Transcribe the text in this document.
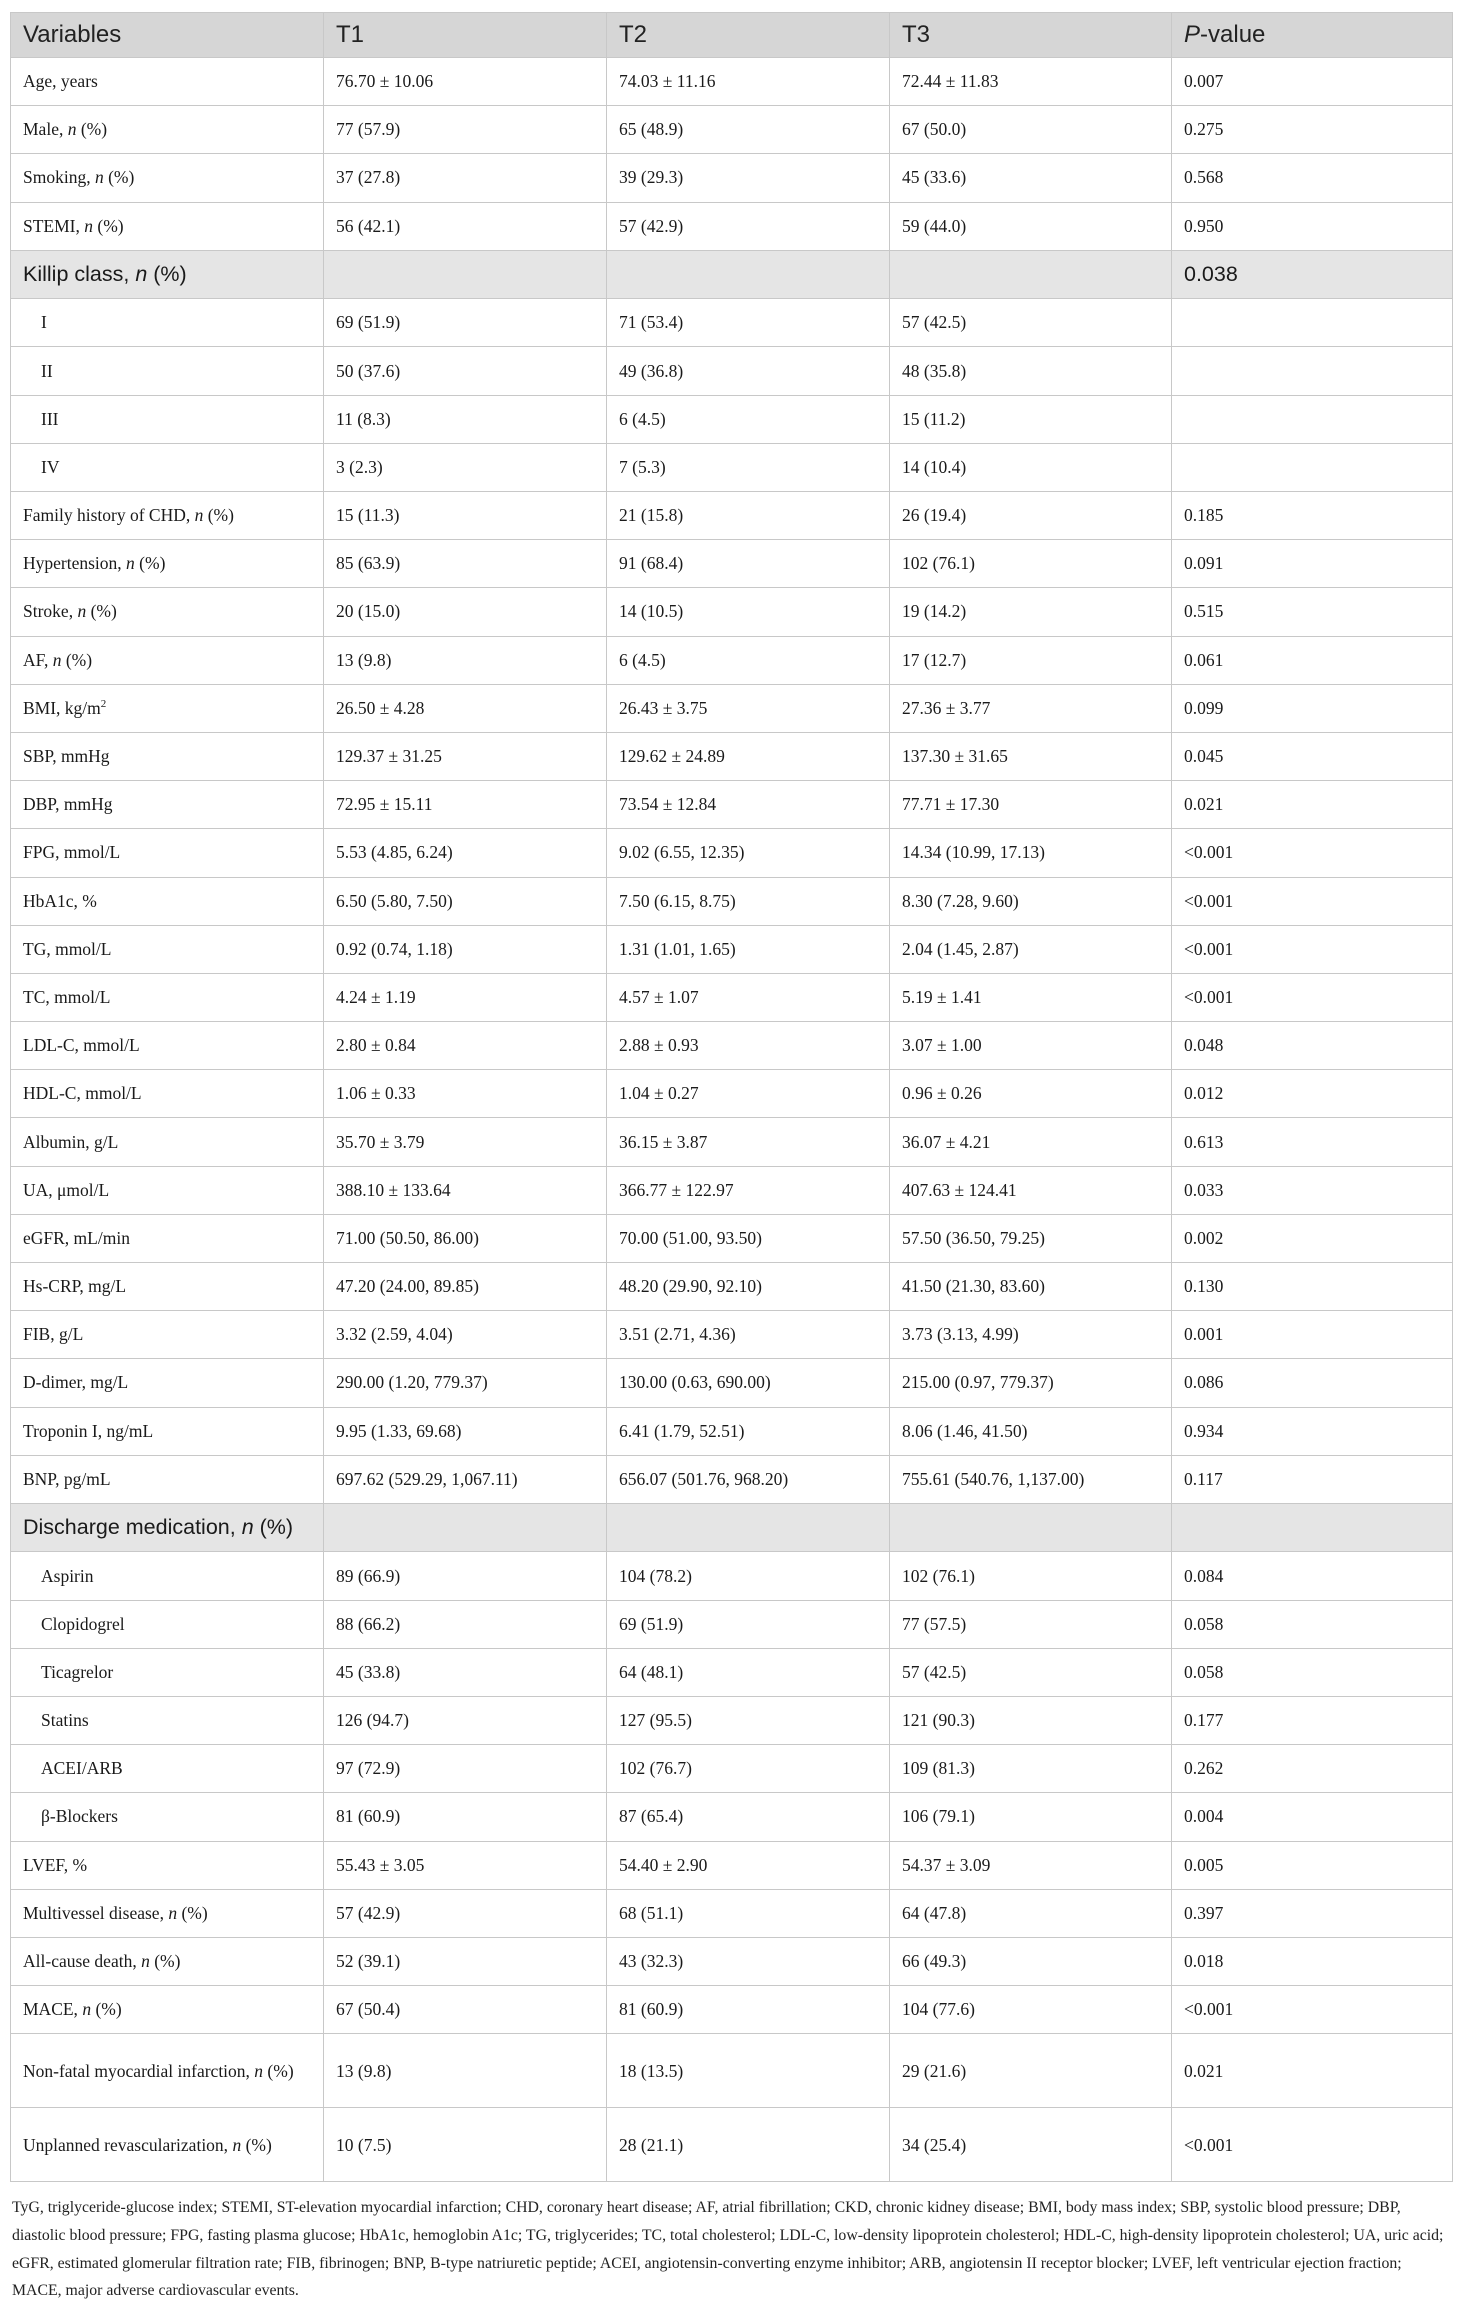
Variables	T1	T2	T3	P-value
Age, years	76.70 ± 10.06	74.03 ± 11.16	72.44 ± 11.83	0.007
Male, n (%)	77 (57.9)	65 (48.9)	67 (50.0)	0.275
Smoking, n (%)	37 (27.8)	39 (29.3)	45 (33.6)	0.568
STEMI, n (%)	56 (42.1)	57 (42.9)	59 (44.0)	0.950
Killip class, n (%)				0.038
I	69 (51.9)	71 (53.4)	57 (42.5)	
II	50 (37.6)	49 (36.8)	48 (35.8)	
III	11 (8.3)	6 (4.5)	15 (11.2)	
IV	3 (2.3)	7 (5.3)	14 (10.4)	
Family history of CHD, n (%)	15 (11.3)	21 (15.8)	26 (19.4)	0.185
Hypertension, n (%)	85 (63.9)	91 (68.4)	102 (76.1)	0.091
Stroke, n (%)	20 (15.0)	14 (10.5)	19 (14.2)	0.515
AF, n (%)	13 (9.8)	6 (4.5)	17 (12.7)	0.061
BMI, $kg/m^2$	26.50 ± 4.28	26.43 ± 3.75	27.36 ± 3.77	0.099
SBP, mmHg	129.37 ± 31.25	129.62 ± 24.89	137.30 ± 31.65	0.045
DBP, mmHg	72.95 ± 15.11	73.54 ± 12.84	77.71 ± 17.30	0.021
FPG, mmol/L	5.53 (4.85, 6.24)	9.02 (6.55, 12.35)	14.34 (10.99, 17.13)	<0.001
HbA1c, %	6.50 (5.80, 7.50)	7.50 (6.15, 8.75)	8.30 (7.28, 9.60)	<0.001
TG, mmol/L	0.92 (0.74, 1.18)	1.31 (1.01, 1.65)	2.04 (1.45, 2.87)	<0.001
TC, mmol/L	4.24 ± 1.19	4.57 ± 1.07	5.19 ± 1.41	<0.001
LDL-C, mmol/L	2.80 ± 0.84	2.88 ± 0.93	3.07 ± 1.00	0.048
HDL-C, mmol/L	1.06 ± 0.33	1.04 ± 0.27	0.96 ± 0.26	0.012
Albumin, g/L	35.70 ± 3.79	36.15 ± 3.87	36.07 ± 4.21	0.613
UA, μmol/L	388.10 ± 133.64	366.77 ± 122.97	407.63 ± 124.41	0.033
eGFR, mL/min	71.00 (50.50, 86.00)	70.00 (51.00, 93.50)	57.50 (36.50, 79.25)	0.002
Hs-CRP, mg/L	47.20 (24.00, 89.85)	48.20 (29.90, 92.10)	41.50 (21.30, 83.60)	0.130
FIB, g/L	3.32 (2.59, 4.04)	3.51 (2.71, 4.36)	3.73 (3.13, 4.99)	0.001
D-dimer, mg/L	290.00 (1.20, 779.37)	130.00 (0.63, 690.00)	215.00 (0.97, 779.37)	0.086
Troponin I, ng/mL	9.95 (1.33, 69.68)	6.41 (1.79, 52.51)	8.06 (1.46, 41.50)	0.934
BNP, pg/mL	697.62 (529.29, 1,067.11)	656.07 (501.76, 968.20)	755.61 (540.76, 1,137.00)	0.117
Discharge medication, n (%)				
Aspirin	89 (66.9)	104 (78.2)	102 (76.1)	0.084
Clopidogrel	88 (66.2)	69 (51.9)	77 (57.5)	0.058
Ticagrelor	45 (33.8)	64 (48.1)	57 (42.5)	0.058
Statins	126 (94.7)	127 (95.5)	121 (90.3)	0.177
ACEI/ARB	97 (72.9)	102 (76.7)	109 (81.3)	0.262
β-Blockers	81 (60.9)	87 (65.4)	106 (79.1)	0.004
LVEF, %	55.43 ± 3.05	54.40 ± 2.90	54.37 ± 3.09	0.005
Multivessel disease, n (%)	57 (42.9)	68 (51.1)	64 (47.8)	0.397
All-cause death, n (%)	52 (39.1)	43 (32.3)	66 (49.3)	0.018
MACE, n (%)	67 (50.4)	81 (60.9)	104 (77.6)	<0.001
Non-fatal myocardial infarction, n (%)	13 (9.8)	18 (13.5)	29 (21.6)	0.021
Unplanned revascularization, n (%)	10 (7.5)	28 (21.1)	34 (25.4)	<0.001
TyG, triglyceride-glucose index; STEMI, ST-elevation myocardial infarction; CHD, coronary heart disease; AF, atrial fibrillation; CKD, chronic kidney disease; BMI, body mass index; SBP, systolic blood pressure; DBP, diastolic blood pressure; FPG, fasting plasma glucose; HbA1c, hemoglobin A1c; TG, triglycerides; TC, total cholesterol; LDL-C, low-density lipoprotein cholesterol; HDL-C, high-density lipoprotein cholesterol; UA, uric acid; eGFR, estimated glomerular filtration rate; FIB, fibrinogen; BNP, B-type natriuretic peptide; ACEI, angiotensin-converting enzyme inhibitor; ARB, angiotensin II receptor blocker; LVEF, left ventricular ejection fraction; MACE, major adverse cardiovascular events.
